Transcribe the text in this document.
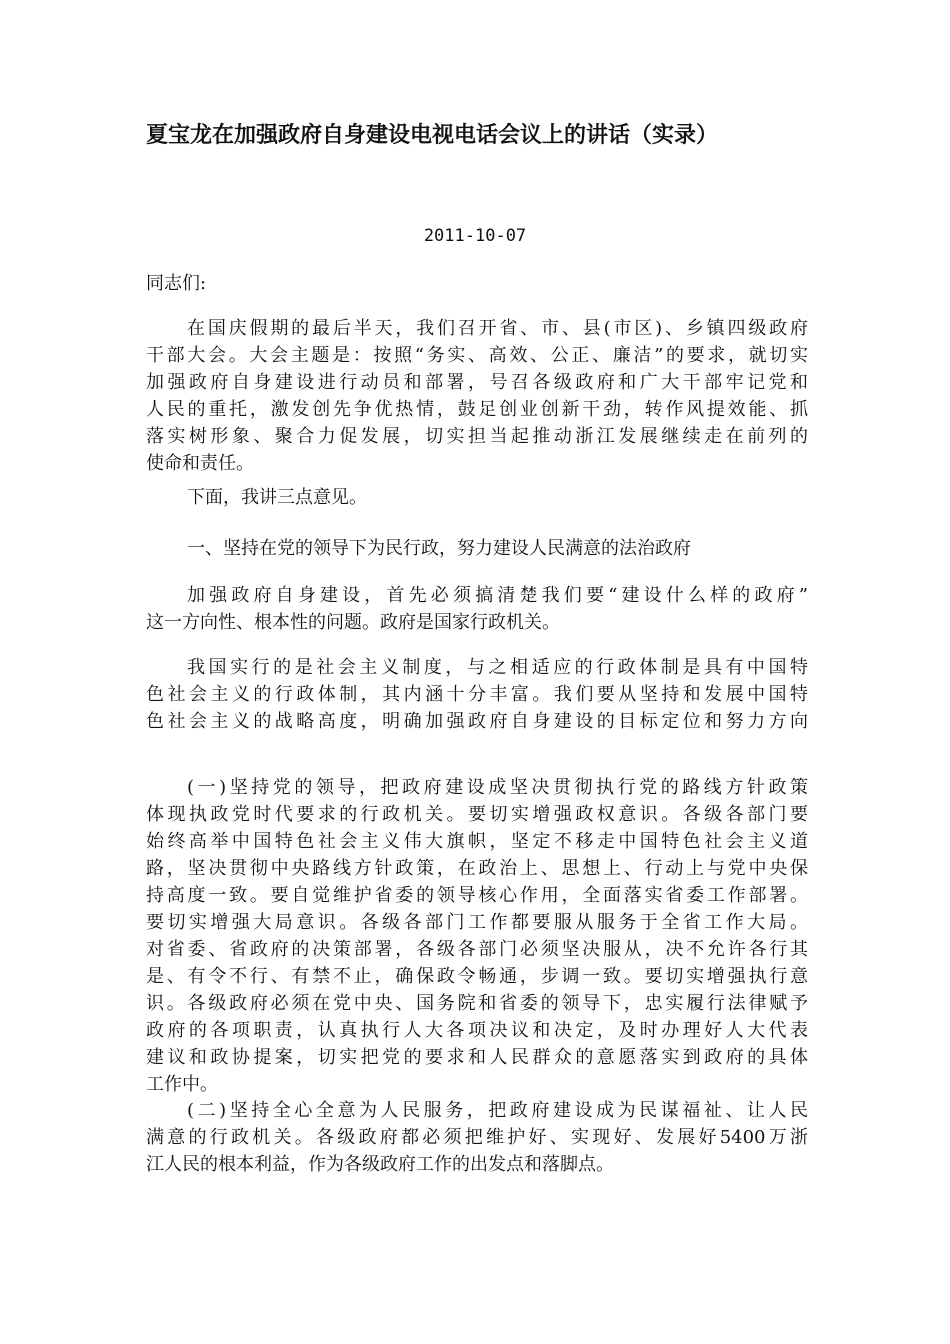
夏宝龙在加强政府自身建设电视电话会议上的讲话（实录）
2011-10-07
同志们:
在国庆假期的最后半天，我们召开省、市、县(市区)、乡镇四级政府
干部大会。大会主题是：按照“务实、高效、公正、廉洁”的要求，就切实
加强政府自身建设进行动员和部署，号召各级政府和广大干部牢记党和
人民的重托，激发创先争优热情，鼓足创业创新干劲，转作风提效能、抓
落实树形象、聚合力促发展，切实担当起推动浙江发展继续走在前列的
使命和责任。
下面，我讲三点意见。
一、坚持在党的领导下为民行政，努力建设人民满意的法治政府
加强政府自身建设，首先必须搞清楚我们要“建设什么样的政府”
这一方向性、根本性的问题。政府是国家行政机关。
我国实行的是社会主义制度，与之相适应的行政体制是具有中国特
色社会主义的行政体制，其内涵十分丰富。我们要从坚持和发展中国特
色社会主义的战略高度，明确加强政府自身建设的目标定位和努力方向
(一)坚持党的领导，把政府建设成坚决贯彻执行党的路线方针政策
体现执政党时代要求的行政机关。要切实增强政权意识。各级各部门要
始终高举中国特色社会主义伟大旗帜，坚定不移走中国特色社会主义道
路，坚决贯彻中央路线方针政策，在政治上、思想上、行动上与党中央保
持高度一致。要自觉维护省委的领导核心作用，全面落实省委工作部署。
要切实增强大局意识。各级各部门工作都要服从服务于全省工作大局。
对省委、省政府的决策部署，各级各部门必须坚决服从，决不允许各行其
是、有令不行、有禁不止，确保政令畅通，步调一致。要切实增强执行意
识。各级政府必须在党中央、国务院和省委的领导下，忠实履行法律赋予
政府的各项职责，认真执行人大各项决议和决定，及时办理好人大代表
建议和政协提案，切实把党的要求和人民群众的意愿落实到政府的具体
工作中。
(二)坚持全心全意为人民服务，把政府建设成为民谋福祉、让人民
满意的行政机关。各级政府都必须把维护好、实现好、发展好5400万浙
江人民的根本利益，作为各级政府工作的出发点和落脚点。
